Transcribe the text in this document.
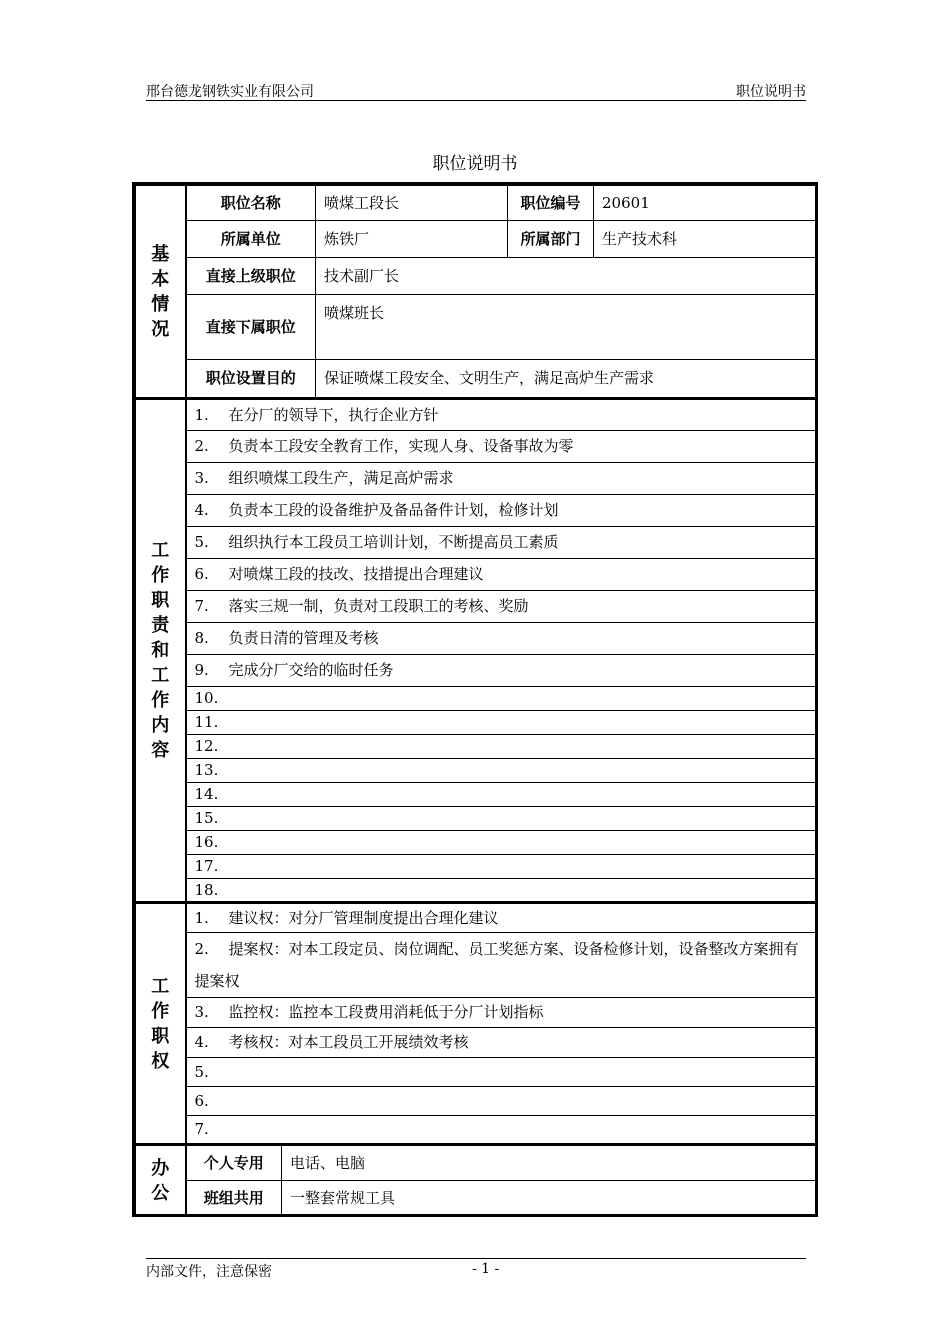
邢台德龙钢铁实业有限公司	职位说明书
职位说明书
基本情况	职位名称		喷煤工段长	职位编号	20601
	所属单位		炼铁厂	所属部门	生产技术科
	直接上级职位		技术副厂长		
	直接下属职位		喷煤班长		
	职位设置目的		保证喷煤工段安全、文明生产，满足高炉生产需求		
工作职责和工作内容	1. 在分厂的领导下，执行企业方针				
	2. 负责本工段安全教育工作，实现人身、设备事故为零				
	3. 组织喷煤工段生产，满足高炉需求				
	4. 负责本工段的设备维护及备品备件计划，检修计划				
	5. 组织执行本工段员工培训计划，不断提高员工素质				
	6. 对喷煤工段的技改、技措提出合理建议				
	7. 落实三规一制，负责对工段职工的考核、奖励				
	8. 负责日清的管理及考核				
	9. 完成分厂交给的临时任务				
	10.				
	11.				
	12.				
	13.				
	14.				
	15.				
	16.				
	17.				
	18.				
工作职权	1. 建议权：对分厂管理制度提出合理化建议				
	2. 提案权：对本工段定员、岗位调配、员工奖惩方案、设备检修计划，设备整改方案拥有提案权				
	3. 监控权：监控本工段费用消耗低于分厂计划指标				
	4. 考核权：对本工段员工开展绩效考核				
	5.				
	6.				
	7.				
办公	个人专用	电话、电脑			
	班组共用	一整套常规工具			
内部文件，注意保密	- 1 -
